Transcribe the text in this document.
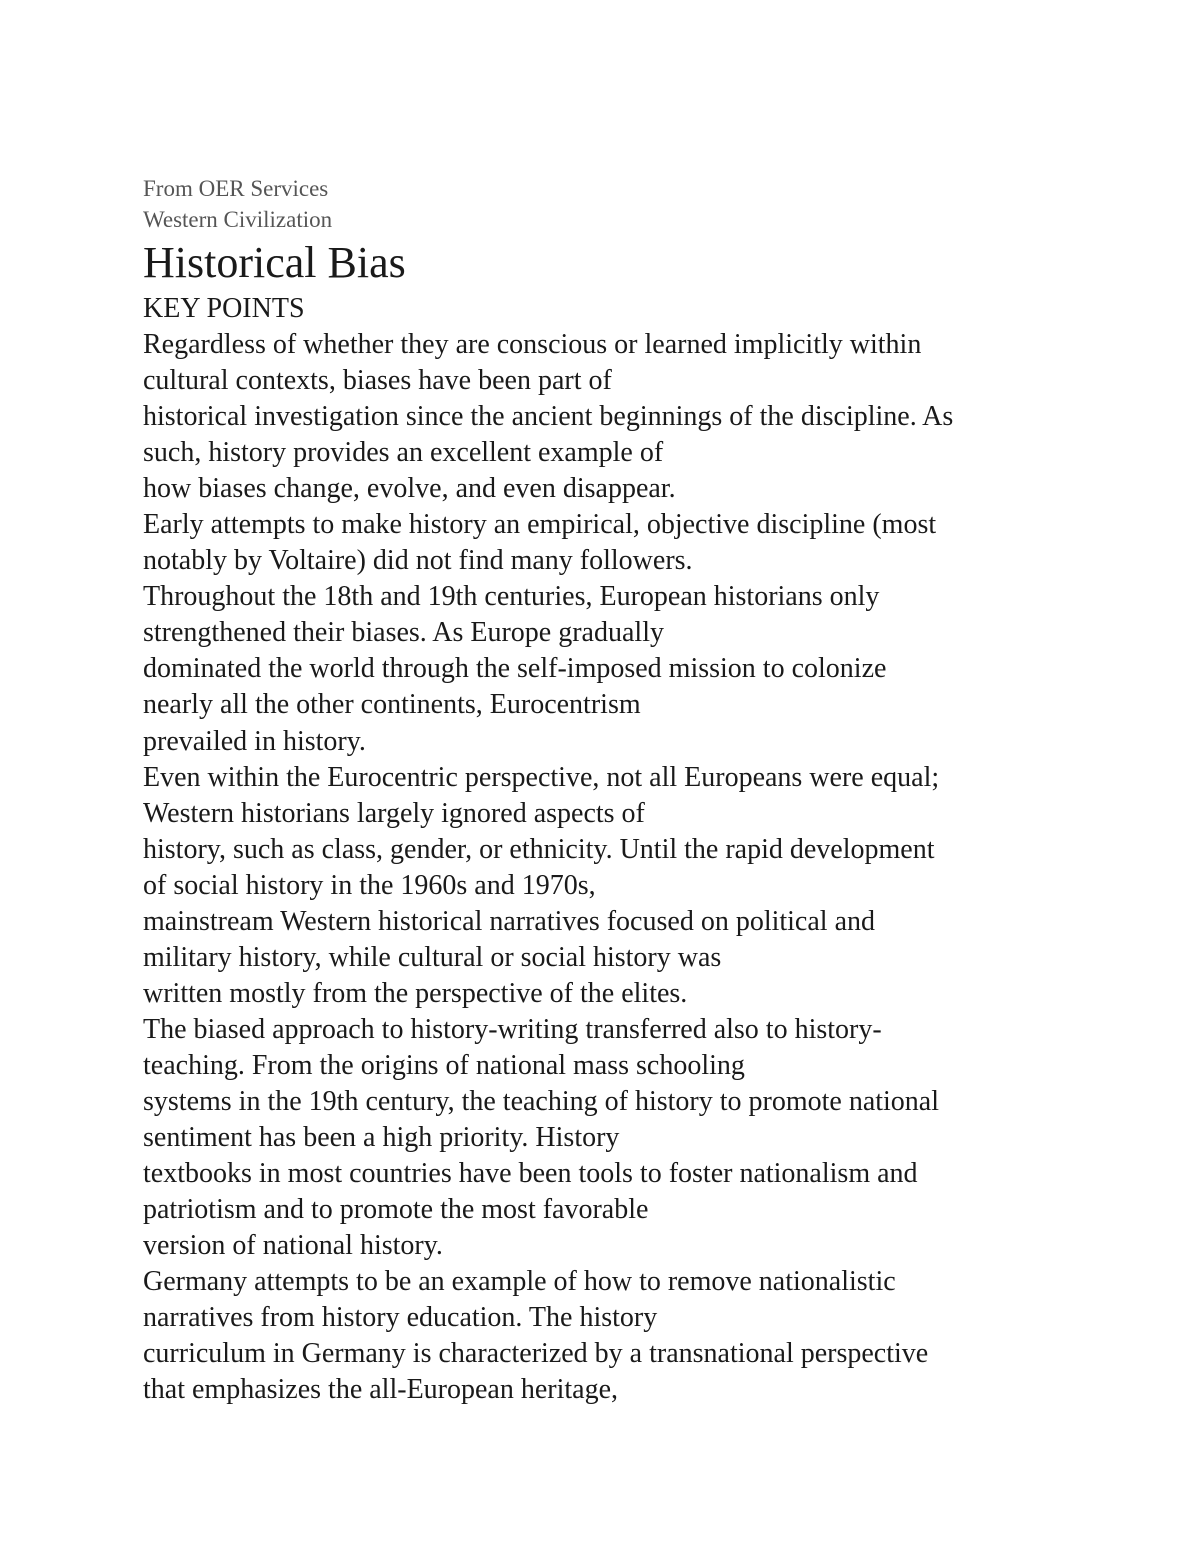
From OER Services
Western Civilization
Historical Bias
KEY POINTS
Regardless of whether they are conscious or learned implicitly within
cultural contexts, biases have been part of
historical investigation since the ancient beginnings of the discipline. As
such, history provides an excellent example of
how biases change, evolve, and even disappear.
Early attempts to make history an empirical, objective discipline (most
notably by Voltaire) did not find many followers.
Throughout the 18th and 19th centuries, European historians only
strengthened their biases. As Europe gradually
dominated the world through the self-imposed mission to colonize
nearly all the other continents, Eurocentrism
prevailed in history.
Even within the Eurocentric perspective, not all Europeans were equal;
Western historians largely ignored aspects of
history, such as class, gender, or ethnicity. Until the rapid development
of social history in the 1960s and 1970s,
mainstream Western historical narratives focused on political and
military history, while cultural or social history was
written mostly from the perspective of the elites.
The biased approach to history-writing transferred also to history-
teaching. From the origins of national mass schooling
systems in the 19th century, the teaching of history to promote national
sentiment has been a high priority. History
textbooks in most countries have been tools to foster nationalism and
patriotism and to promote the most favorable
version of national history.
Germany attempts to be an example of how to remove nationalistic
narratives from history education. The history
curriculum in Germany is characterized by a transnational perspective
that emphasizes the all-European heritage,
